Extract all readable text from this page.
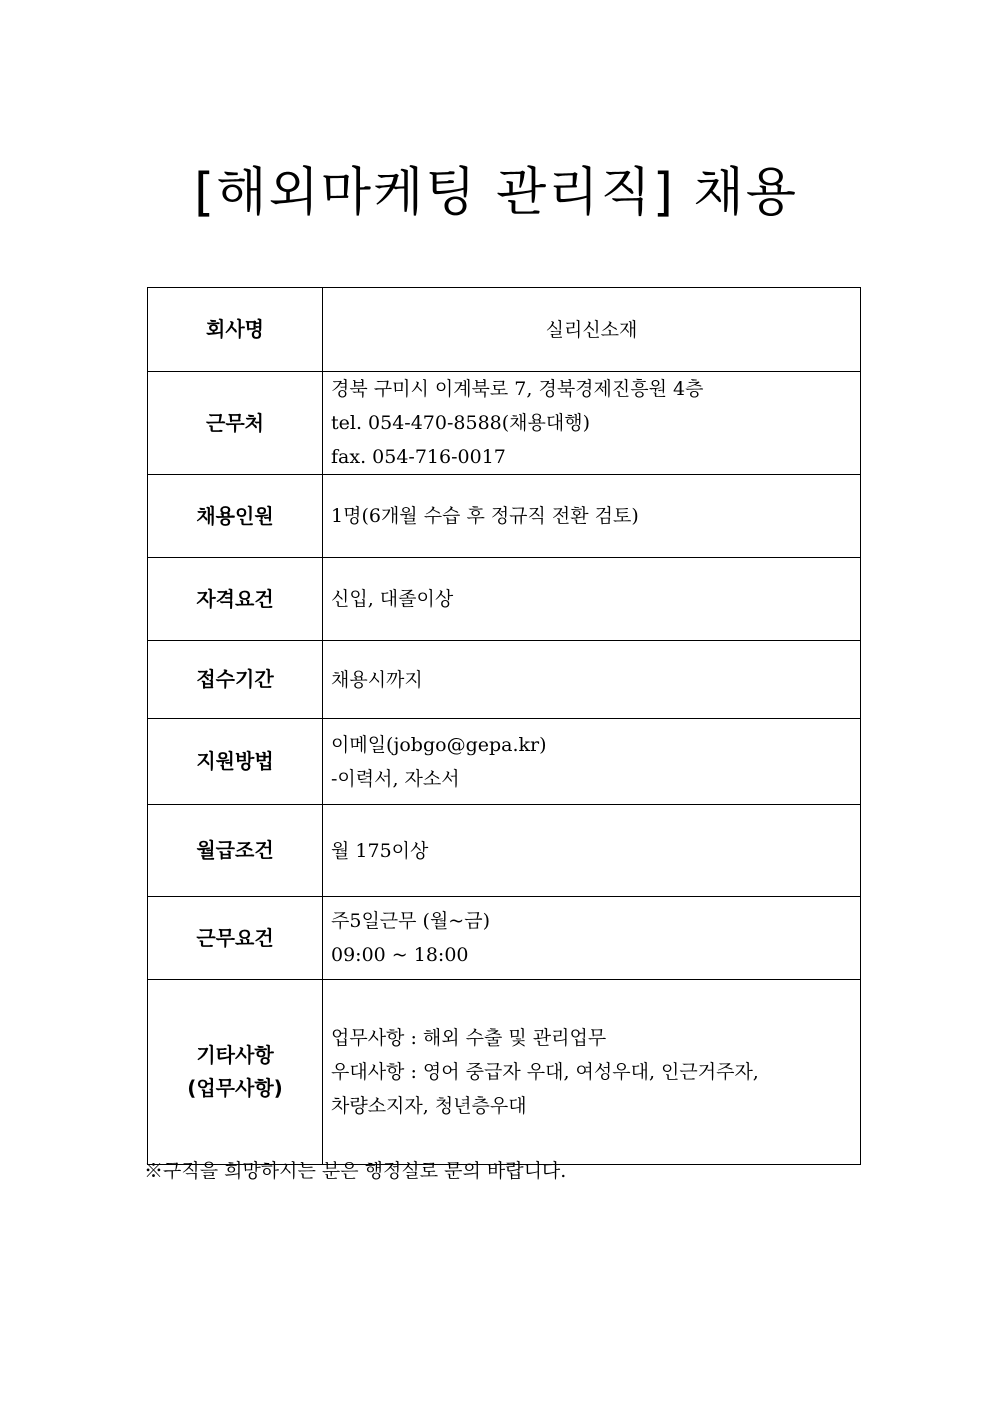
[해외마케팅 관리직] 채용
회사명	실리신소재

근무처	경북 구미시 이계북로 7, 경북경제진흥원 4층
tel. 054-470-8588(채용대행)
fax. 054-716-0017

채용인원	1명(6개월 수습 후 정규직 전환 검토)

자격요건	신입, 대졸이상

접수기간	채용시까지

지원방법	이메일(jobgo@gepa.kr)
-이력서, 자소서

월급조건	월 175이상

근무요건	주5일근무 (월~금)
09:00 ~ 18:00

기타사항
(업무사항)	업무사항 : 해외 수출 및 관리업무
우대사항 : 영어 중급자 우대, 여성우대, 인근거주자,
차량소지자, 청년층우대
※구직을 희망하시는 분은 행정실로 문의 바랍니다.
